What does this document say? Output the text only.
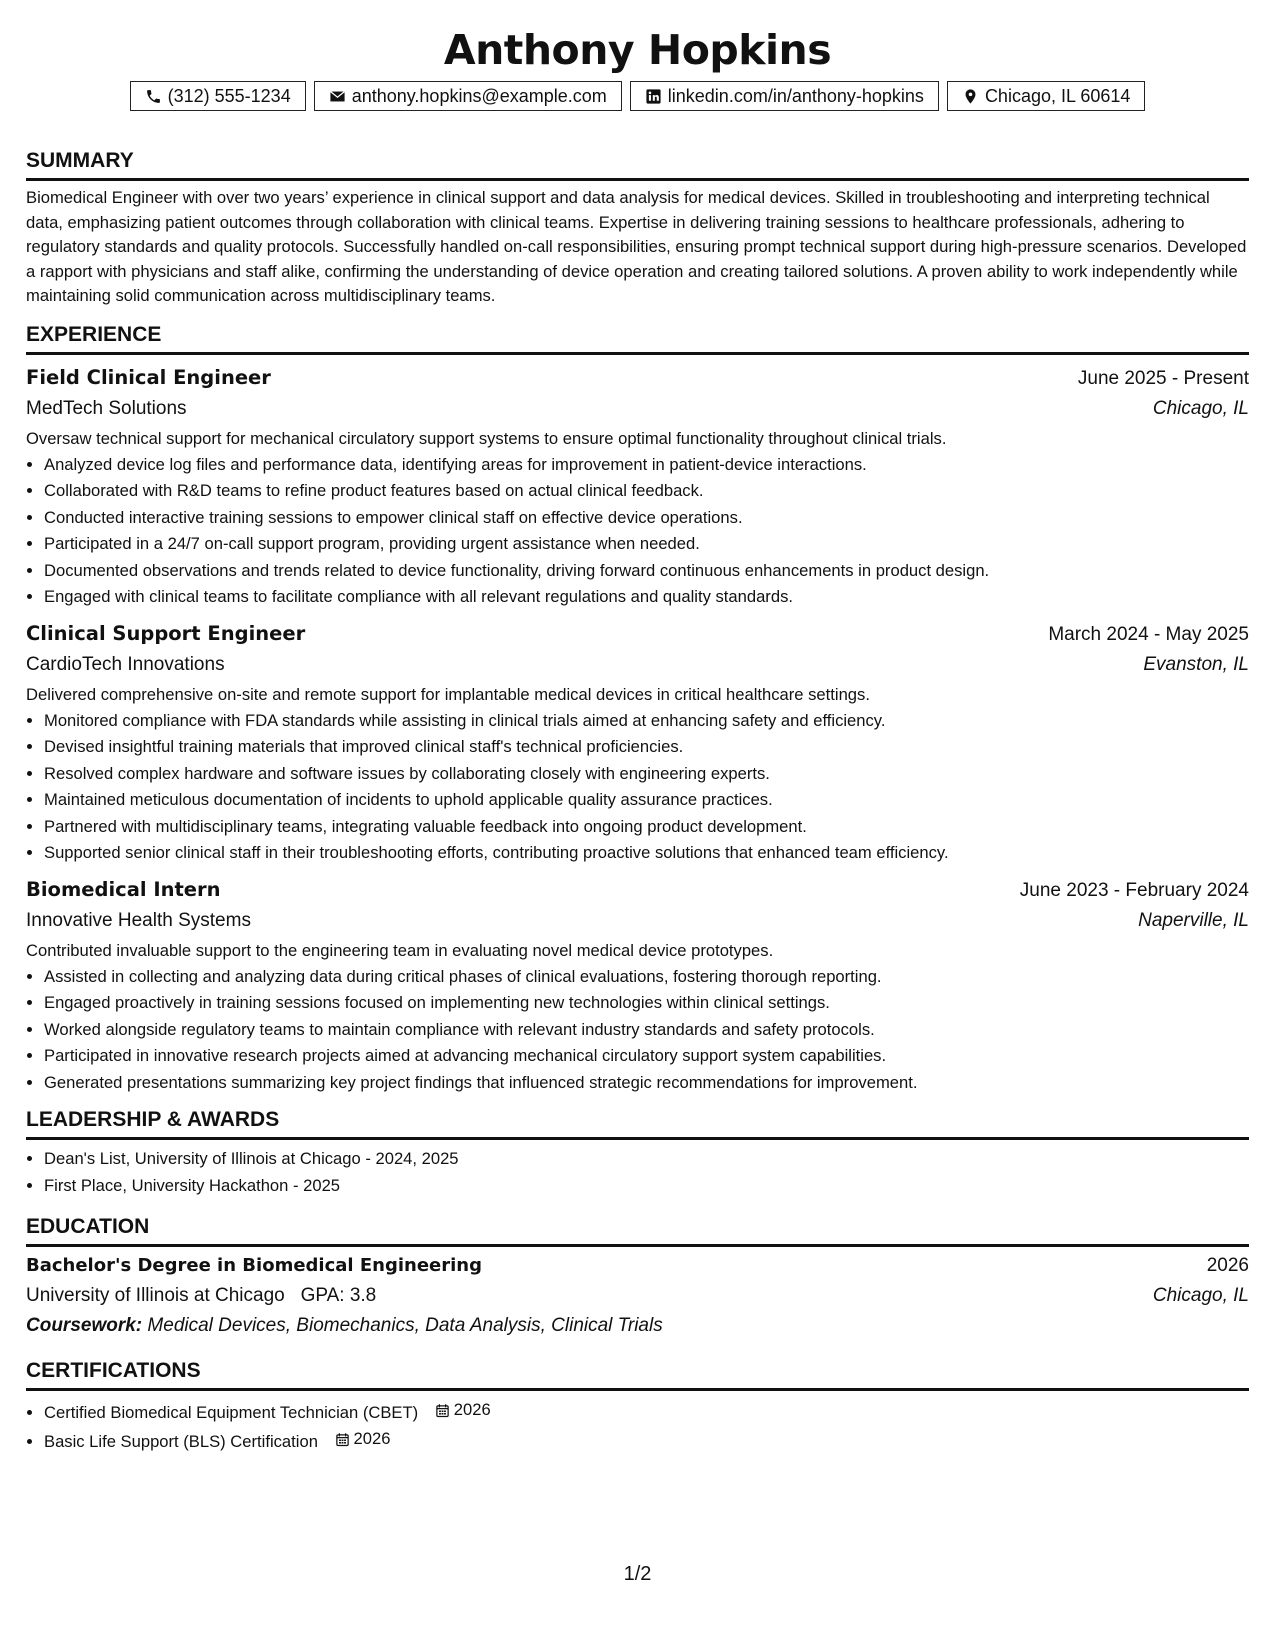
Anthony Hopkins
(312) 555-1234	anthony.hopkins@example.com	linkedin.com/in/anthony-hopkins	Chicago, IL 60614
SUMMARY
Biomedical Engineer with over two years’ experience in clinical support and data analysis for medical devices. Skilled in troubleshooting and interpreting technical data, emphasizing patient outcomes through collaboration with clinical teams. Expertise in delivering training sessions to healthcare professionals, adhering to regulatory standards and quality protocols. Successfully handled on-call responsibilities, ensuring prompt technical support during high-pressure scenarios. Developed a rapport with physicians and staff alike, confirming the understanding of device operation and creating tailored solutions. A proven ability to work independently while maintaining solid communication across multidisciplinary teams.
EXPERIENCE
Field Clinical Engineer	June 2025 - Present
MedTech Solutions	Chicago, IL
Oversaw technical support for mechanical circulatory support systems to ensure optimal functionality throughout clinical trials.
• Analyzed device log files and performance data, identifying areas for improvement in patient-device interactions.
• Collaborated with R&D teams to refine product features based on actual clinical feedback.
• Conducted interactive training sessions to empower clinical staff on effective device operations.
• Participated in a 24/7 on-call support program, providing urgent assistance when needed.
• Documented observations and trends related to device functionality, driving forward continuous enhancements in product design.
• Engaged with clinical teams to facilitate compliance with all relevant regulations and quality standards.
Clinical Support Engineer	March 2024 - May 2025
CardioTech Innovations	Evanston, IL
Delivered comprehensive on-site and remote support for implantable medical devices in critical healthcare settings.
• Monitored compliance with FDA standards while assisting in clinical trials aimed at enhancing safety and efficiency.
• Devised insightful training materials that improved clinical staff's technical proficiencies.
• Resolved complex hardware and software issues by collaborating closely with engineering experts.
• Maintained meticulous documentation of incidents to uphold applicable quality assurance practices.
• Partnered with multidisciplinary teams, integrating valuable feedback into ongoing product development.
• Supported senior clinical staff in their troubleshooting efforts, contributing proactive solutions that enhanced team efficiency.
Biomedical Intern	June 2023 - February 2024
Innovative Health Systems	Naperville, IL
Contributed invaluable support to the engineering team in evaluating novel medical device prototypes.
• Assisted in collecting and analyzing data during critical phases of clinical evaluations, fostering thorough reporting.
• Engaged proactively in training sessions focused on implementing new technologies within clinical settings.
• Worked alongside regulatory teams to maintain compliance with relevant industry standards and safety protocols.
• Participated in innovative research projects aimed at advancing mechanical circulatory support system capabilities.
• Generated presentations summarizing key project findings that influenced strategic recommendations for improvement.
LEADERSHIP & AWARDS
• Dean's List, University of Illinois at Chicago - 2024, 2025
• First Place, University Hackathon - 2025
EDUCATION
Bachelor's Degree in Biomedical Engineering	2026
University of Illinois at Chicago GPA: 3.8	Chicago, IL
Coursework: Medical Devices, Biomechanics, Data Analysis, Clinical Trials
CERTIFICATIONS
• Certified Biomedical Equipment Technician (CBET) 2026
• Basic Life Support (BLS) Certification 2026
1/2
